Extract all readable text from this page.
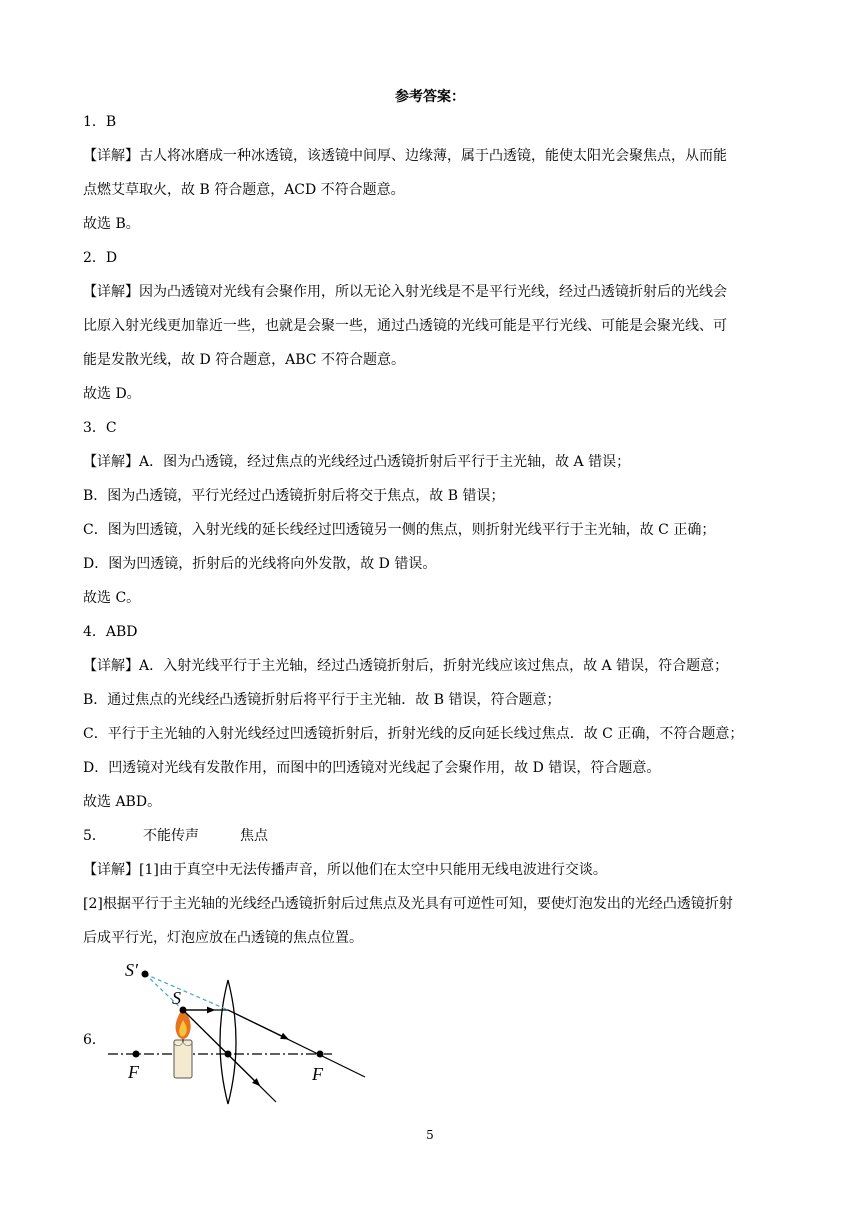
参考答案：
1．B
【详解】古人将冰磨成一种冰透镜，该透镜中间厚、边缘薄，属于凸透镜，能使太阳光会聚焦点，从而能
点燃艾草取火，故 B 符合题意，ACD 不符合题意。
故选 B。
2．D
【详解】因为凸透镜对光线有会聚作用，所以无论入射光线是不是平行光线，经过凸透镜折射后的光线会
比原入射光线更加靠近一些，也就是会聚一些，通过凸透镜的光线可能是平行光线、可能是会聚光线、可
能是发散光线，故 D 符合题意，ABC 不符合题意。
故选 D。
3．C
【详解】A．图为凸透镜，经过焦点的光线经过凸透镜折射后平行于主光轴，故 A 错误；
B．图为凸透镜，平行光经过凸透镜折射后将交于焦点，故 B 错误；
C．图为凹透镜，入射光线的延长线经过凹透镜另一侧的焦点，则折射光线平行于主光轴，故 C 正确；
D．图为凹透镜，折射后的光线将向外发散，故 D 错误。
故选 C。
4．ABD
【详解】A．入射光线平行于主光轴，经过凸透镜折射后，折射光线应该过焦点，故 A 错误，符合题意；
B．通过焦点的光线经凸透镜折射后将平行于主光轴．故 B 错误，符合题意；
C．平行于主光轴的入射光线经过凹透镜折射后，折射光线的反向延长线过焦点．故 C 正确，不符合题意；
D．凹透镜对光线有发散作用，而图中的凹透镜对光线起了会聚作用，故 D 错误，符合题意。
故选 ABD。
5．	不能传声	焦点
【详解】[1]由于真空中无法传播声音，所以他们在太空中只能用无线电波进行交谈。
[2]根据平行于主光轴的光线经凸透镜折射后过焦点及光具有可逆性可知，要使灯泡发出的光经凸透镜折射
后成平行光，灯泡应放在凸透镜的焦点位置。
6．
S′
S
F	F
5
